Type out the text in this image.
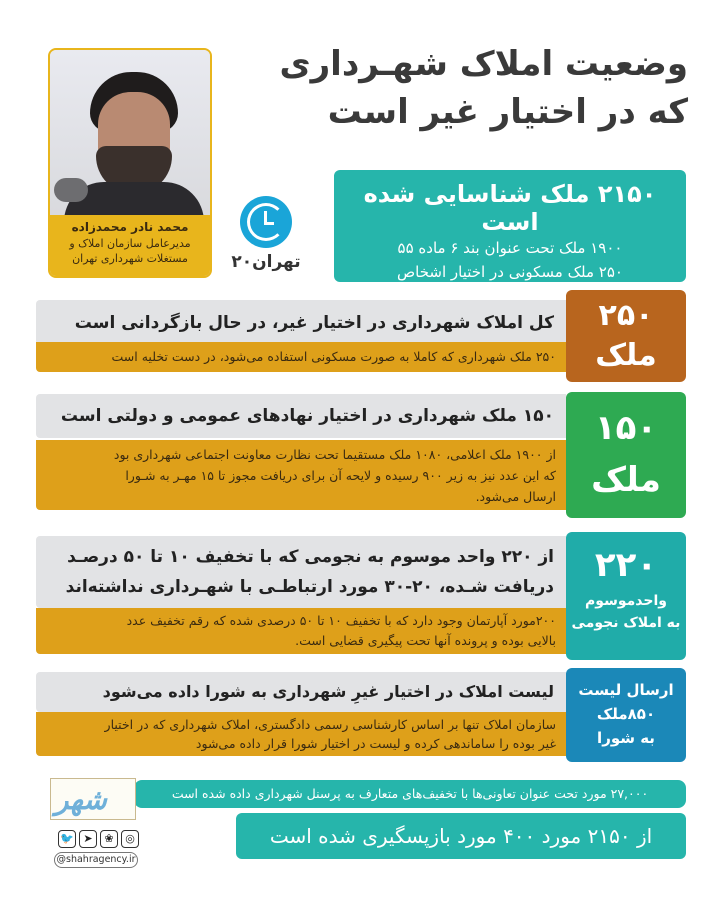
وضعیت املاک شهـرداری
که در اختیار غیر است
محمد نادر محمدزاده
مدیرعامل سازمان املاک و
مستغلات شهرداری تهران	تهران۲۰
۲۱۵۰ ملک شناسایی شده است
۱۹۰۰ ملک تحت عنوان بند ۶ ماده ۵۵
۲۵۰ ملک مسکونی در اختیار اشخاص
کل املاک شهرداری در اختیار غیر، در حال بازگردانی است
۲۵۰ ملک شهرداری که کاملا به صورت مسکونی استفاده می‌شود، در دست تخلیه است
۲۵۰
ملک
۱۵۰ ملک شهرداری در اختیار نهادهای عمومی و دولتی است
از ۱۹۰۰ ملک اعلامی، ۱۰۸۰ ملک مستقیما تحت نظارت معاونت اجتماعی شهرداری بود
که این عدد نیز به زیر ۹۰۰ رسیده و لایحه آن برای دریافت مجوز تا ۱۵ مهـر به شـورا
ارسال می‌شود.
۱۵۰
ملک
از ۲۲۰ واحد موسوم به نجومی که با تخفیف ۱۰ تا ۵۰ درصـد
دریافت شـده، ۲۰-۳۰ مورد ارتباطـی با شهـرداری نداشته‌اند
۲۰۰مورد آپارتمان وجود دارد که با تخفیف ۱۰ تا ۵۰ درصدی شده که رقم تخفیف عدد
بالایی بوده و پرونده آنها تحت پیگیری قضایی است.
۲۲۰
واحدموسوم
به املاک نجومی
لیست املاک در اختیار غیرِ شهرداری به شورا داده می‌شود
سازمان املاک تنها بر اساس کارشناسی رسمی دادگستری، املاک شهرداری که در اختیار
غیر بوده را ساماندهی کرده و لیست در اختیار شورا قرار داده می‌شود
ارسال لیست
۸۵۰ملک
به شورا
۲۷,۰۰۰ مورد تحت عنوان تعاونی‌ها با تخفیف‌های متعارف به پرسنل شهرداری داده شده است
از ۲۱۵۰ مورد ۴۰۰ مورد بازپسگیری شده است
شهر
🐦 ➤	❀	◎
@shahragency.ir
